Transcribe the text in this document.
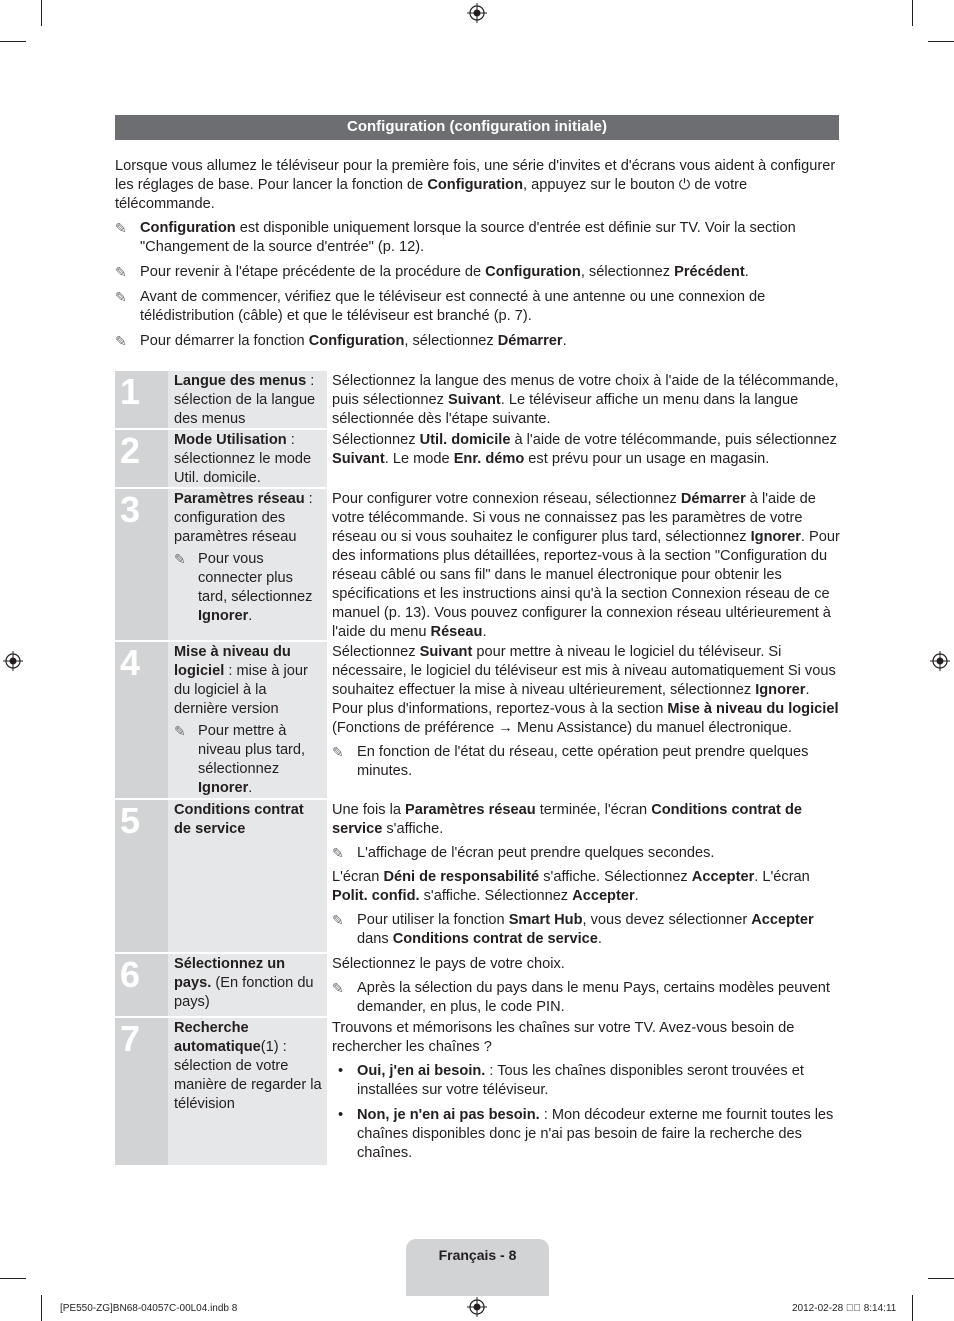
Configuration (configuration initiale)

Lorsque vous allumez le téléviseur pour la première fois, une série d'invites et d'écrans vous aident à configurer les réglages de base. Pour lancer la fonction de Configuration, appuyez sur le bouton ⏻ de votre télécommande.

✎ Configuration est disponible uniquement lorsque la source d'entrée est définie sur TV. Voir la section "Changement de la source d'entrée" (p. 12).
✎ Pour revenir à l'étape précédente de la procédure de Configuration, sélectionnez Précédent.
✎ Avant de commencer, vérifiez que le téléviseur est connecté à une antenne ou une connexion de télédistribution (câble) et que le téléviseur est branché (p. 7).
✎ Pour démarrer la fonction Configuration, sélectionnez Démarrer.
1	Langue des menus : sélection de la langue des menus

Sélectionnez la langue des menus de votre choix à l'aide de la télécommande, puis sélectionnez Suivant. Le téléviseur affiche un menu dans la langue sélectionnée dès l'étape suivante.

2	Mode Utilisation : sélectionnez le mode Util. domicile.

Sélectionnez Util. domicile à l'aide de votre télécommande, puis sélectionnez Suivant. Le mode Enr. démo est prévu pour un usage en magasin.

3	Paramètres réseau : configuration des paramètres réseau
✎ Pour vous connecter plus tard, sélectionnez Ignorer.

Pour configurer votre connexion réseau, sélectionnez Démarrer à l'aide de votre télécommande. Si vous ne connaissez pas les paramètres de votre réseau ou si vous souhaitez le configurer plus tard, sélectionnez Ignorer. Pour des informations plus détaillées, reportez-vous à la section "Configuration du réseau câblé ou sans fil" dans le manuel électronique pour obtenir les spécifications et les instructions ainsi qu'à la section Connexion réseau de ce manuel (p. 13). Vous pouvez configurer la connexion réseau ultérieurement à l'aide du menu Réseau.

4	Mise à niveau du logiciel : mise à jour du logiciel à la dernière version
✎ Pour mettre à niveau plus tard, sélectionnez Ignorer.

Sélectionnez Suivant pour mettre à niveau le logiciel du téléviseur. Si nécessaire, le logiciel du téléviseur est mis à niveau automatiquement Si vous souhaitez effectuer la mise à niveau ultérieurement, sélectionnez Ignorer. Pour plus d'informations, reportez-vous à la section Mise à niveau du logiciel (Fonctions de préférence → Menu Assistance) du manuel électronique.

✎ En fonction de l'état du réseau, cette opération peut prendre quelques minutes.
5	Conditions contrat de service

Une fois la Paramètres réseau terminée, l'écran Conditions contrat de service s'affiche.

✎ L'affichage de l'écran peut prendre quelques secondes.

L'écran Déni de responsabilité s'affiche. Sélectionnez Accepter. L'écran Polit. confid. s'affiche. Sélectionnez Accepter.

✎ Pour utiliser la fonction Smart Hub, vous devez sélectionner Accepter dans Conditions contrat de service.
6	Sélectionnez un pays. (En fonction du pays)

Sélectionnez le pays de votre choix.

✎ Après la sélection du pays dans le menu Pays, certains modèles peuvent demander, en plus, le code PIN.
7	Recherche automatique(1) : sélection de votre manière de regarder la télévision

Trouvons et mémorisons les chaînes sur votre TV. Avez-vous besoin de rechercher les chaînes ?

• Oui, j'en ai besoin. : Tous les chaînes disponibles seront trouvées et installées sur votre téléviseur.
• Non, je n'en ai pas besoin. : Mon décodeur externe me fournit toutes les chaînes disponibles donc je n'ai pas besoin de faire la recherche des chaînes.
Français - 8
[PE550-ZG]BN68-04057C-00L04.indb 8	2012-02-28 ￿￿ 8:14:11
